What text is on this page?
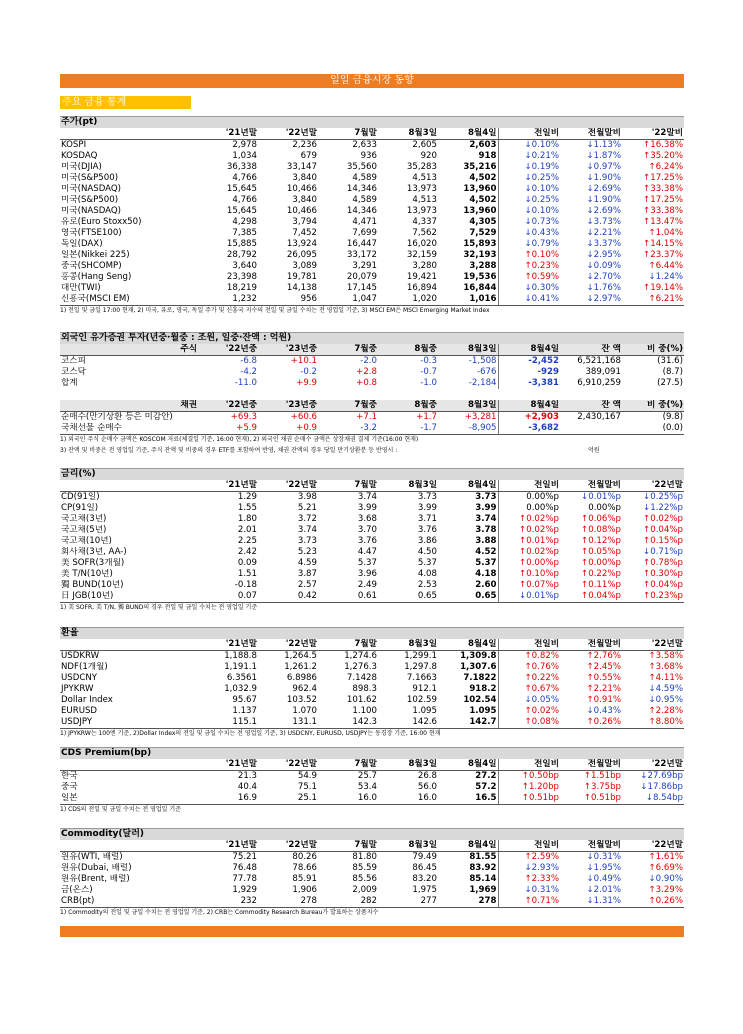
일일 금융시장 동향
주요 금융 통계
주가(pt)
	'21년말	'22년말	7월말	8월3일	8월4일	전일비	전월말비	'22말비
KOSPI	2,978	2,236	2,633	2,605	2,603	↓0.10%	↓1.13%	↑16.38%
KOSDAQ	1,034	679	936	920	918	↓0.21%	↓1.87%	↑35.20%
미국(DJIA)	36,338	33,147	35,560	35,283	35,216	↓0.19%	↓0.97%	↑6.24%
미국(S&P500)	4,766	3,840	4,589	4,513	4,502	↓0.25%	↓1.90%	↑17.25%
미국(NASDAQ)	15,645	10,466	14,346	13,973	13,960	↓0.10%	↓2.69%	↑33.38%
미국(S&P500)	4,766	3,840	4,589	4,513	4,502	↓0.25%	↓1.90%	↑17.25%
미국(NASDAQ)	15,645	10,466	14,346	13,973	13,960	↓0.10%	↓2.69%	↑33.38%
유로(Euro Stoxx50)	4,298	3,794	4,471	4,337	4,305	↓0.73%	↓3.73%	↑13.47%
영국(FTSE100)	7,385	7,452	7,699	7,562	7,529	↓0.43%	↓2.21%	↑1.04%
독일(DAX)	15,885	13,924	16,447	16,020	15,893	↓0.79%	↓3.37%	↑14.15%
일본(Nikkei 225)	28,792	26,095	33,172	32,159	32,193	↑0.10%	↓2.95%	↑23.37%
중국(SHCOMP)	3,640	3,089	3,291	3,280	3,288	↑0.23%	↓0.09%	↑6.44%
홍콩(Hang Seng)	23,398	19,781	20,079	19,421	19,536	↑0.59%	↓2.70%	↓1.24%
대만(TWI)	18,219	14,138	17,145	16,894	16,844	↓0.30%	↓1.76%	↑19.14%
신흥국(MSCI EM)	1,232	956	1,047	1,020	1,016	↓0.41%	↓2.97%	↑6.21%
1) 전일 및 금일 17:00 현재, 2) 미국, 유로, 영국, 독일 주가 및 신흥국 지수의 전일 및 금일 수치는 전 영업일 기준, 3) MSCI EM은 MSCI Emerging Market Index
외국인 유가증권 투자(년중·월중 : 조원, 일중·잔액 : 억원)
주식	'22년중	'23년중	7월중	8월중	8월3일	8월4일	잔 액	비 중(%)
코스피	-6.8	+10.1	-2.0	-0.3	-1,508	-2,452	6,521,168	(31.6)
코스닥	-4.2	-0.2	+2.8	-0.7	-676	-929	389,091	(8.7)
합계	-11.0	+9.9	+0.8	-1.0	-2,184	-3,381	6,910,259	(27.5)
채권	'22년중	'23년중	7월중	8월중	8월3일	8월4일	잔 액	비 중(%)
순매수(만기상환 등은 미감안)	+69.3	+60.6	+7.1	+1.7	+3,281	+2,903	2,430,167	(9.8)
국채선물 순매수	+5.9	+0.9	-3.2	-1.7	-8,905	-3,682		(0.0)
1) 외국인 주식 순매수 금액은 KOSCOM 자료(체결일 기준, 16:00 현재), 2) 외국인 채권 순매수 금액은 상장채권 결제 기준(16:00 현재)
3) 잔액 및 비중은 전 영업일 기준, 주식 잔액 및 비중의 경우 ETF를 포함하여 반영, 채권 잔액의 경우 당일 만기상환분 등 반영시 :	억원
금리(%)
	'21년말	'22년말	7월말	8월3일	8월4일	전일비	전월말비	'22년말
CD(91일)	1.29	3.98	3.74	3.73	3.73	0.00%p	↓0.01%p	↓0.25%p
CP(91일)	1.55	5.21	3.99	3.99	3.99	0.00%p	0.00%p	↓1.22%p
국고채(3년)	1.80	3.72	3.68	3.71	3.74	↑0.02%p	↑0.06%p	↑0.02%p
국고채(5년)	2.01	3.74	3.70	3.76	3.78	↑0.02%p	↑0.08%p	↑0.04%p
국고채(10년)	2.25	3.73	3.76	3.86	3.88	↑0.01%p	↑0.12%p	↑0.15%p
회사채(3년, AA-)	2.42	5.23	4.47	4.50	4.52	↑0.02%p	↑0.05%p	↓0.71%p
美 SOFR(3개월)	0.09	4.59	5.37	5.37	5.37	↑0.00%p	↑0.00%p	↑0.78%p
美 T/N(10년)	1.51	3.87	3.96	4.08	4.18	↑0.10%p	↑0.22%p	↑0.30%p
獨 BUND(10년)	-0.18	2.57	2.49	2.53	2.60	↑0.07%p	↑0.11%p	↑0.04%p
日 JGB(10년)	0.07	0.42	0.61	0.65	0.65	↓0.01%p	↑0.04%p	↑0.23%p
1) 美 SOFR, 美 T/N, 獨 BUND의 경우 전일 및 금일 수치는 전 영업일 기준
환율
	'21년말	'22년말	7월말	8월3일	8월4일	전일비	전월말비	'22년말
USDKRW	1,188.8	1,264.5	1,274.6	1,299.1	1,309.8	↑0.82%	↑2.76%	↑3.58%
NDF(1개월)	1,191.1	1,261.2	1,276.3	1,297.8	1,307.6	↑0.76%	↑2.45%	↑3.68%
USDCNY	6.3561	6.8986	7.1428	7.1663	7.1822	↑0.22%	↑0.55%	↑4.11%
JPYKRW	1,032.9	962.4	898.3	912.1	918.2	↑0.67%	↑2.21%	↓4.59%
Dollar Index	95.67	103.52	101.62	102.59	102.54	↓0.05%	↑0.91%	↓0.95%
EURUSD	1.137	1.070	1.100	1.095	1.095	↑0.02%	↓0.43%	↑2.28%
USDJPY	115.1	131.1	142.3	142.6	142.7	↑0.08%	↑0.26%	↑8.80%
1) JPYKRW는 100엔 기준, 2)Dollar Index의 전일 및 금일 수치는 전 영업일 기준, 3) USDCNY, EURUSD, USDJPY는 동경장 기준, 16:00 현재
CDS Premium(bp)
	'21년말	'22년말	7월말	8월3일	8월4일	전일비	전월말비	'22년말
한국	21.3	54.9	25.7	26.8	27.2	↑0.50bp	↑1.51bp	↓27.69bp
중국	40.4	75.1	53.4	56.0	57.2	↑1.20bp	↑3.75bp	↓17.86bp
일본	16.9	25.1	16.0	16.0	16.5	↑0.51bp	↑0.51bp	↓8.54bp
1) CDS의 전일 및 금일 수치는 전 영업일 기준
Commodity(달러)
	'21년말	'22년말	7월말	8월3일	8월4일	전일비	전월말비	'22년말
원유(WTI, 배럴)	75.21	80.26	81.80	79.49	81.55	↑2.59%	↓0.31%	↑1.61%
원유(Dubai, 배럴)	76.48	78.66	85.59	86.45	83.92	↓2.93%	↓1.95%	↑6.69%
원유(Brent, 배럴)	77.78	85.91	85.56	83.20	85.14	↑2.33%	↓0.49%	↓0.90%
금(온스)	1,929	1,906	2,009	1,975	1,969	↓0.31%	↓2.01%	↑3.29%
CRB(pt)	232	278	282	277	278	↑0.71%	↓1.31%	↑0.26%
1) Commodity의 전일 및 금일 수치는 전 영업일 기준, 2) CRB는 Commodity Research Bureau가 발표하는 상품지수
